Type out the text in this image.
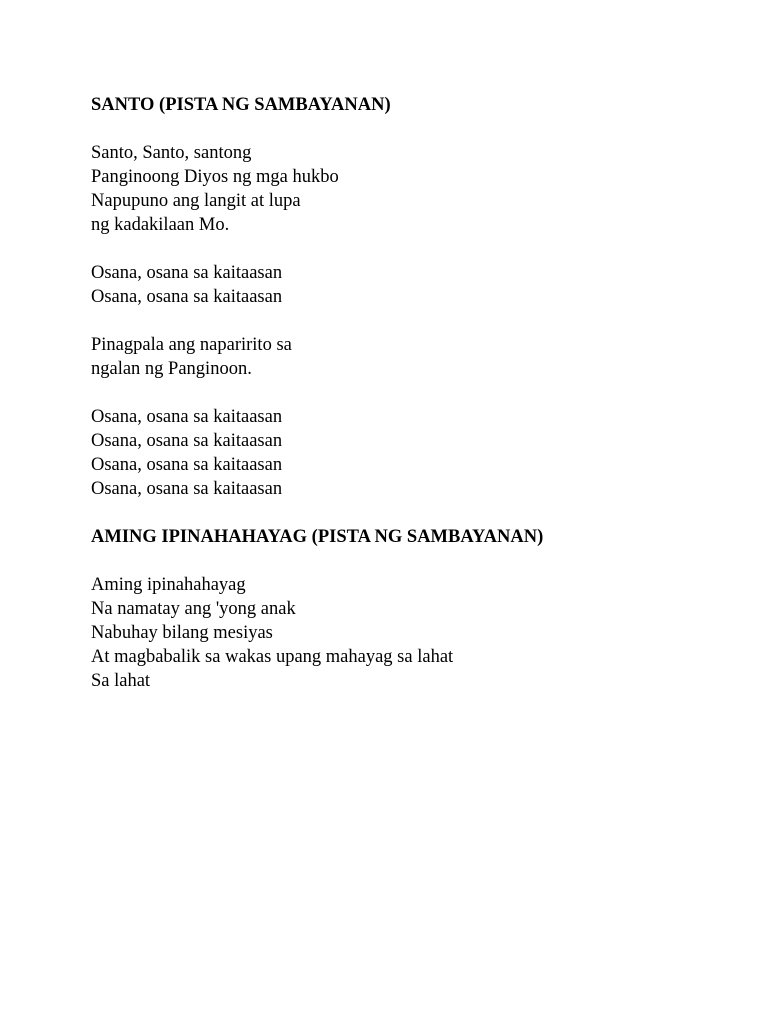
SANTO (PISTA NG SAMBAYANAN)
Santo, Santo, santong
Panginoong Diyos ng mga hukbo
Napupuno ang langit at lupa
ng kadakilaan Mo.
Osana, osana sa kaitaasan
Osana, osana sa kaitaasan
Pinagpala ang naparirito sa
ngalan ng Panginoon.
Osana, osana sa kaitaasan
Osana, osana sa kaitaasan
Osana, osana sa kaitaasan
Osana, osana sa kaitaasan
AMING IPINAHAHAYAG (PISTA NG SAMBAYANAN)
Aming ipinahahayag
Na namatay ang 'yong anak
Nabuhay bilang mesiyas
At magbabalik sa wakas upang mahayag sa lahat
Sa lahat
